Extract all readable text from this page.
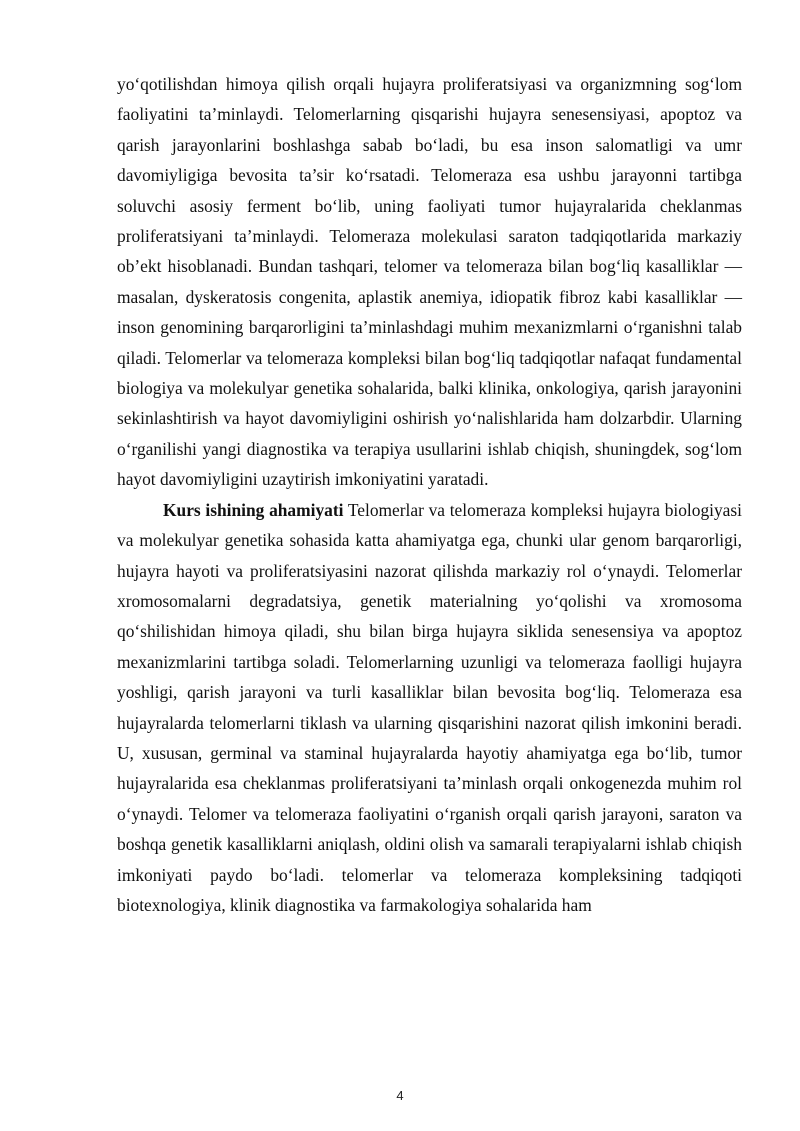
yo‘qotilishdan himoya qilish orqali hujayra proliferatsiyasi va organizmning sog‘lom faoliyatini ta’minlaydi. Telomerlarning qisqarishi hujayra senesensiyasi, apoptoz va qarish jarayonlarini boshlashga sabab bo‘ladi, bu esa inson salomatligi va umr davomiyligiga bevosita ta’sir ko‘rsatadi. Telomeraza esa ushbu jarayonni tartibga soluvchi asosiy ferment bo‘lib, uning faoliyati tumor hujayralarida cheklanmas proliferatsiyani ta’minlaydi. Telomeraza molekulasi saraton tadqiqotlarida markaziy ob’ekt hisoblanadi. Bundan tashqari, telomer va telomeraza bilan bog‘liq kasalliklar — masalan, dyskeratosis congenita, aplastik anemiya, idiopatik fibroz kabi kasalliklar — inson genomining barqarorligini ta’minlashdagi muhim mexanizmlarni o‘rganishni talab qiladi. Telomerlar va telomeraza kompleksi bilan bog‘liq tadqiqotlar nafaqat fundamental biologiya va molekulyar genetika sohalarida, balki klinika, onkologiya, qarish jarayonini sekinlashtirish va hayot davomiyligini oshirish yo‘nalishlarida ham dolzarbdir. Ularning o‘rganilishi yangi diagnostika va terapiya usullarini ishlab chiqish, shuningdek, sog‘lom hayot davomiyligini uzaytirish imkoniyatini yaratadi.

Kurs ishining ahamiyati Telomerlar va telomeraza kompleksi hujayra biologiyasi va molekulyar genetika sohasida katta ahamiyatga ega, chunki ular genom barqarorligi, hujayra hayoti va proliferatsiyasini nazorat qilishda markaziy rol o‘ynaydi. Telomerlar xromosomalarni degradatsiya, genetik materialning yo‘qolishi va xromosoma qo‘shilishidan himoya qiladi, shu bilan birga hujayra siklida senesensiya va apoptoz mexanizmlarini tartibga soladi. Telomerlarning uzunligi va telomeraza faolligi hujayra yoshligi, qarish jarayoni va turli kasalliklar bilan bevosita bog‘liq. Telomeraza esa hujayralarda telomerlarni tiklash va ularning qisqarishini nazorat qilish imkonini beradi. U, xususan, germinal va staminal hujayralarda hayotiy ahamiyatga ega bo‘lib, tumor hujayralarida esa cheklanmas proliferatsiyani ta’minlash orqali onkogenezda muhim rol o‘ynaydi. Telomer va telomeraza faoliyatini o‘rganish orqali qarish jarayoni, saraton va boshqa genetik kasalliklarni aniqlash, oldini olish va samarali terapiyalarni ishlab chiqish imkoniyati paydo bo‘ladi. telomerlar va telomeraza kompleksining tadqiqoti biotexnologiya, klinik diagnostika va farmakologiya sohalarida ham

4
